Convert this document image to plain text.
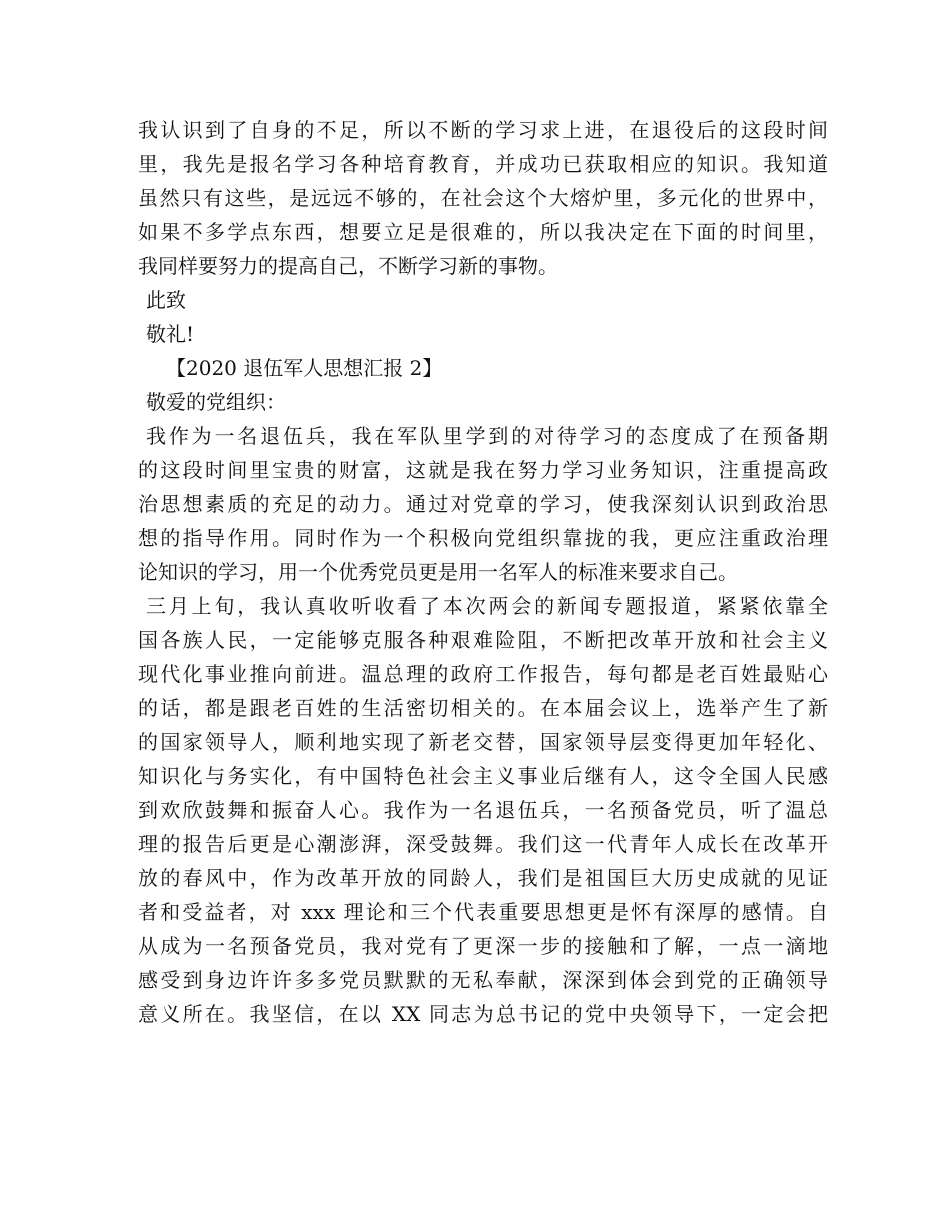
我认识到了自身的不足，所以不断的学习求上进，在退役后的这段时间
里，我先是报名学习各种培育教育，并成功已获取相应的知识。我知道
虽然只有这些，是远远不够的，在社会这个大熔炉里，多元化的世界中，
如果不多学点东西，想要立足是很难的，所以我决定在下面的时间里，
我同样要努力的提高自己，不断学习新的事物。
此致
敬礼!
【2020 退伍军人思想汇报 2】
敬爱的党组织：
我作为一名退伍兵，我在军队里学到的对待学习的态度成了在预备期
的这段时间里宝贵的财富，这就是我在努力学习业务知识，注重提高政
治思想素质的充足的动力。通过对党章的学习，使我深刻认识到政治思
想的指导作用。同时作为一个积极向党组织靠拢的我，更应注重政治理
论知识的学习，用一个优秀党员更是用一名军人的标准来要求自己。
三月上旬，我认真收听收看了本次两会的新闻专题报道，紧紧依靠全
国各族人民，一定能够克服各种艰难险阻，不断把改革开放和社会主义
现代化事业推向前进。温总理的政府工作报告，每句都是老百姓最贴心
的话，都是跟老百姓的生活密切相关的。在本届会议上，选举产生了新
的国家领导人，顺利地实现了新老交替，国家领导层变得更加年轻化、
知识化与务实化，有中国特色社会主义事业后继有人，这令全国人民感
到欢欣鼓舞和振奋人心。我作为一名退伍兵，一名预备党员，听了温总
理的报告后更是心潮澎湃，深受鼓舞。我们这一代青年人成长在改革开
放的春风中，作为改革开放的同龄人，我们是祖国巨大历史成就的见证
者和受益者，对 xxx 理论和三个代表重要思想更是怀有深厚的感情。自
从成为一名预备党员，我对党有了更深一步的接触和了解，一点一滴地
感受到身边许许多多党员默默的无私奉献，深深到体会到党的正确领导
意义所在。我坚信，在以 XX 同志为总书记的党中央领导下，一定会把
